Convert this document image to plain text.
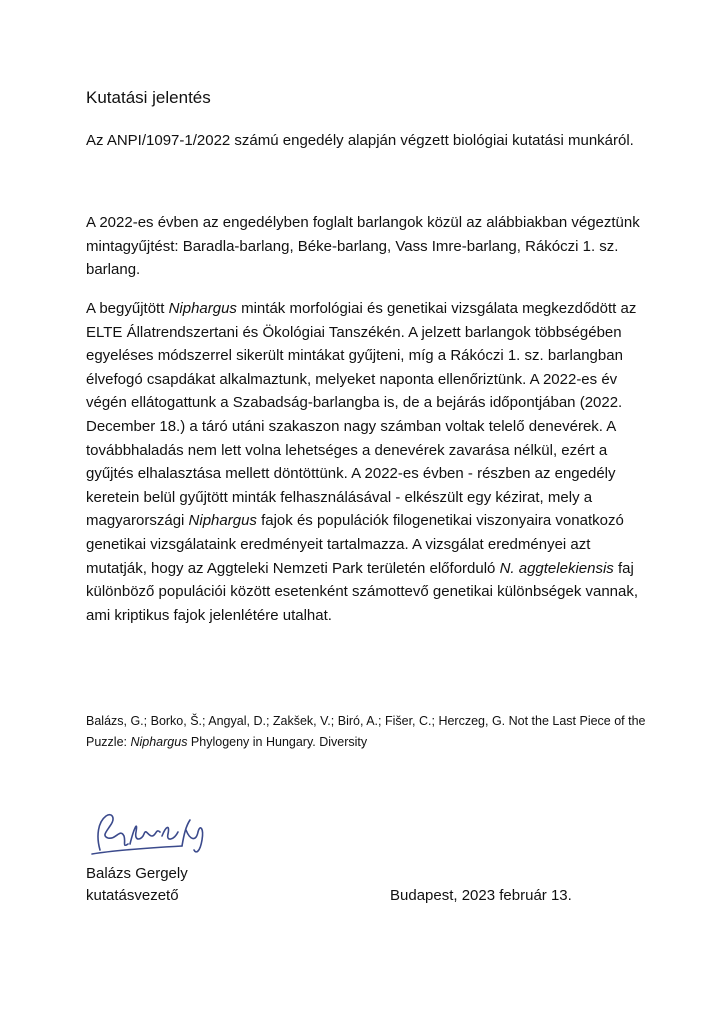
Kutatási jelentés

Az ANPI/1097-1/2022 számú engedély alapján végzett biológiai kutatási munkáról.

A 2022-es évben az engedélyben foglalt barlangok közül az alábbiakban végeztünk mintagyűjtést: Baradla-barlang, Béke-barlang, Vass Imre-barlang, Rákóczi 1. sz. barlang.

A begyűjtött Niphargus minták morfológiai és genetikai vizsgálata megkezdődött az ELTE Állatrendszertani és Ökológiai Tanszékén. A jelzett barlangok többségében egyeléses módszerrel sikerült mintákat gyűjteni, míg a Rákóczi 1. sz. barlangban élvefogó csapdákat alkalmaztunk, melyeket naponta ellenőriztünk. A 2022-es év végén ellátogattunk a Szabadság-barlangba is, de a bejárás időpontjában (2022. December 18.) a táró utáni szakaszon nagy számban voltak telelő denevérek. A továbbhaladás nem lett volna lehetséges a denevérek zavarása nélkül, ezért a gyűjtés elhalasztása mellett döntöttünk. A 2022-es évben - részben az engedély keretein belül gyűjtött minták felhasználásával - elkészült egy kézirat, mely a magyarországi Niphargus fajok és populációk filogenetikai viszonyaira vonatkozó genetikai vizsgálataink eredményeit tartalmazza. A vizsgálat eredményei azt mutatják, hogy az Aggteleki Nemzeti Park területén előforduló N. aggtelekiensis faj különböző populációi között esetenként számottevő genetikai különbségek vannak, ami kriptikus fajok jelenlétére utalhat.

Balázs, G.; Borko, Š.; Angyal, D.; Zakšek, V.; Biró, A.; Fišer, C.; Herczeg, G. Not the Last Piece of the Puzzle: Niphargus Phylogeny in Hungary. Diversity

Balázs Gergely
kutatásvezető	Budapest, 2023 február 13.
